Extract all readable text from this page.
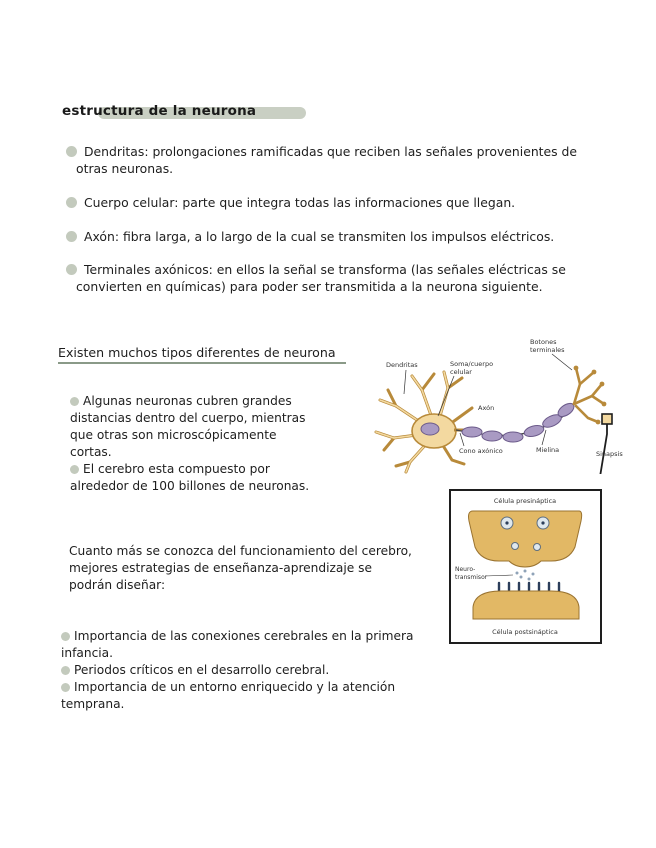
estructura de la neurona
Dendritas: prolongaciones ramificadas que reciben las señales provenientes de
otras neuronas.
Cuerpo celular: parte que integra todas las informaciones que llegan.
Axón: fibra larga, a lo largo de la cual se transmiten los impulsos eléctricos.
Terminales axónicos: en ellos la señal se transforma (las señales eléctricas se
convierten en químicas) para poder ser transmitida a la neurona siguiente.
Existen muchos tipos diferentes de neurona
Algunas neuronas cubren grandes
distancias dentro del cuerpo, mientras
que otras son microscópicamente
cortas.
El cerebro esta compuesto por
alrededor de 100 billones de neuronas.
Cuanto más se conozca del funcionamiento del cerebro,
mejores estrategias de enseñanza-aprendizaje se
podrán diseñar:
Importancia de las conexiones cerebrales en la primera
infancia.
Periodos críticos en el desarrollo cerebral.
Importancia de un entorno enriquecido y la atención
temprana.
Dendritas	Soma/cuerpo
celular
Axón
Botones
terminales
Cono axónico	Mielina	Sinapsis
Célula presináptica
Neuro-
transmisor
Célula postsináptica
